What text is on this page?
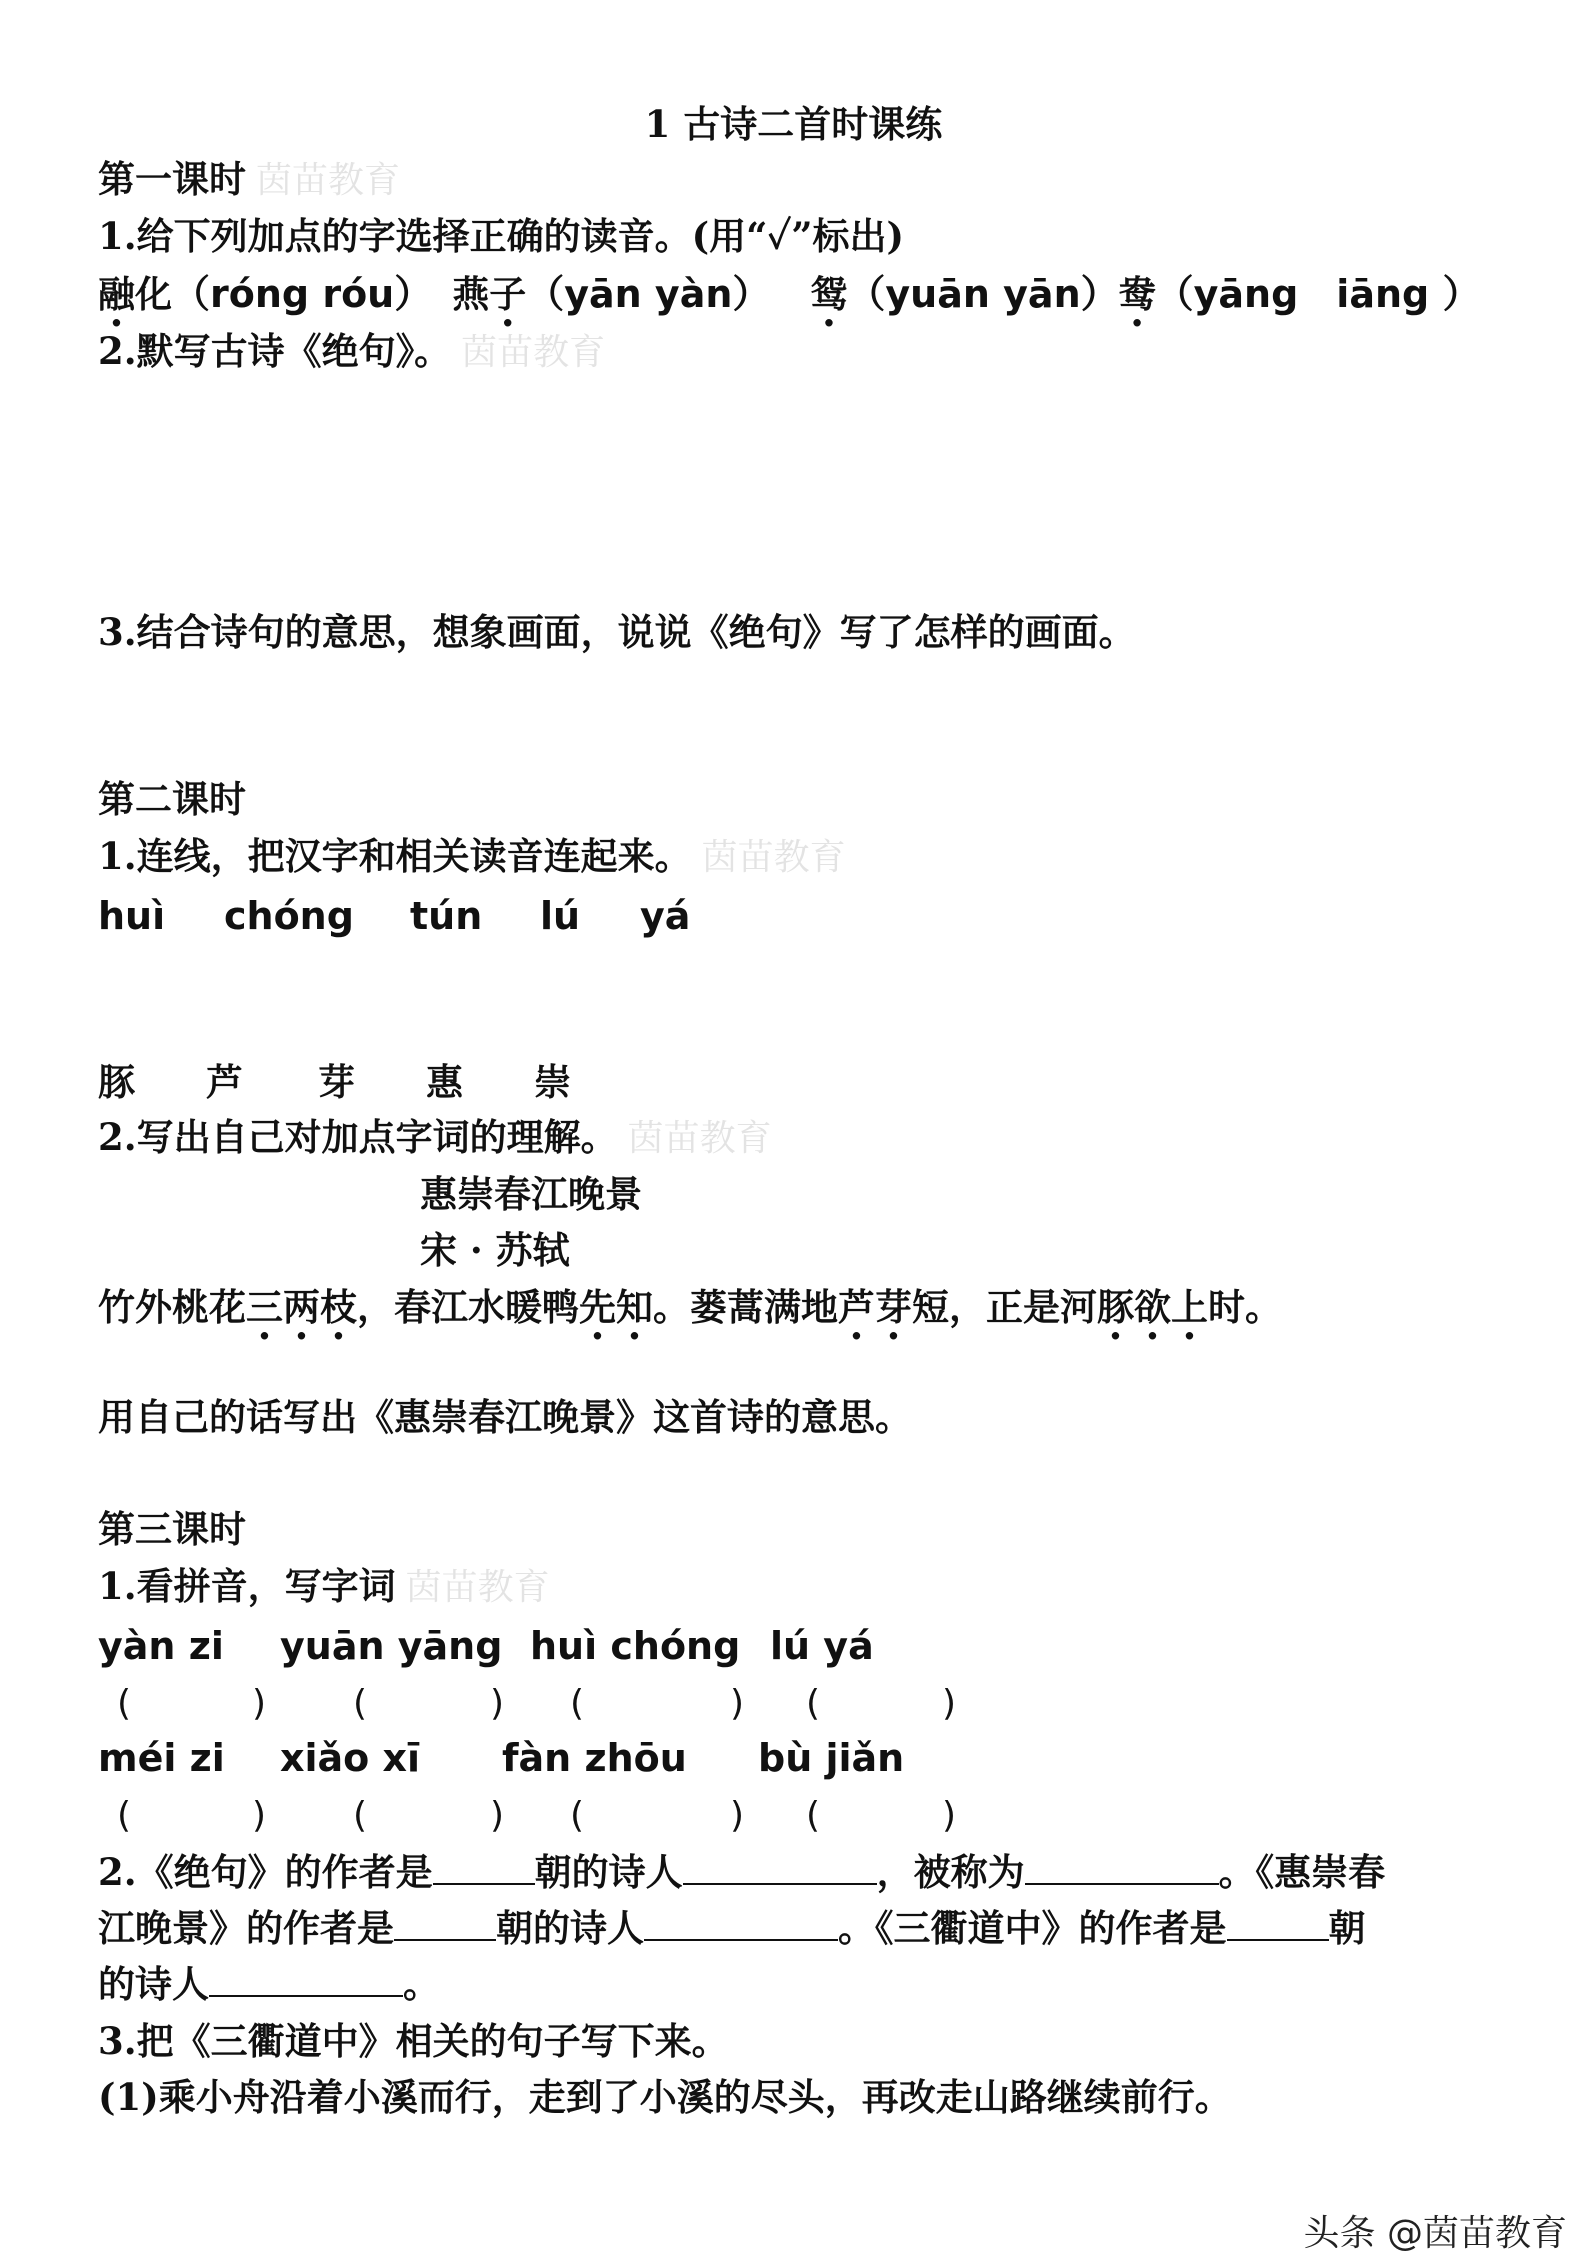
1 古诗二首时课练
第一课时 茵苗教育
1.给下列加点的字选择正确的读音。(用“✓”标出)
融化（róng róu） 燕子（yān yàn） 鸳（yuān yān）鸯（yāng　iāng ）
2.默写古诗《绝句》。 茵苗教育
3.结合诗句的意思，想象画面，说说《绝句》写了怎样的画面。
第二课时
1.连线，把汉字和相关读音连起来。 茵苗教育
huì chóng tún lú yá
豚 芦 芽 惠 崇
2.写出自己对加点字词的理解。 茵苗教育
惠崇春江晚景
宋 · 苏轼
竹外桃花三两枝，春江水暖鸭先知。蒌蒿满地芦芽短，正是河豚欲上时。
用自己的话写出《惠崇春江晚景》这首诗的意思。
第三课时
1.看拼音，写字词 茵苗教育
yàn zi yuān yāng huì chóng lú yá
(	) (	) (	) (	)
méi zi xiǎo xī fàn zhōu bù jiǎn
(	) (	) (	) (	)
2.《绝句》的作者是	朝的诗人	，被称为	。《惠崇春
江晚景》的作者是	朝的诗人	。《三衢道中》的作者是	朝
的诗人	。
3.把《三衢道中》相关的句子写下来。
(1)乘小舟沿着小溪而行，走到了小溪的尽头，再改走山路继续前行。
头条 @茵苗教育
